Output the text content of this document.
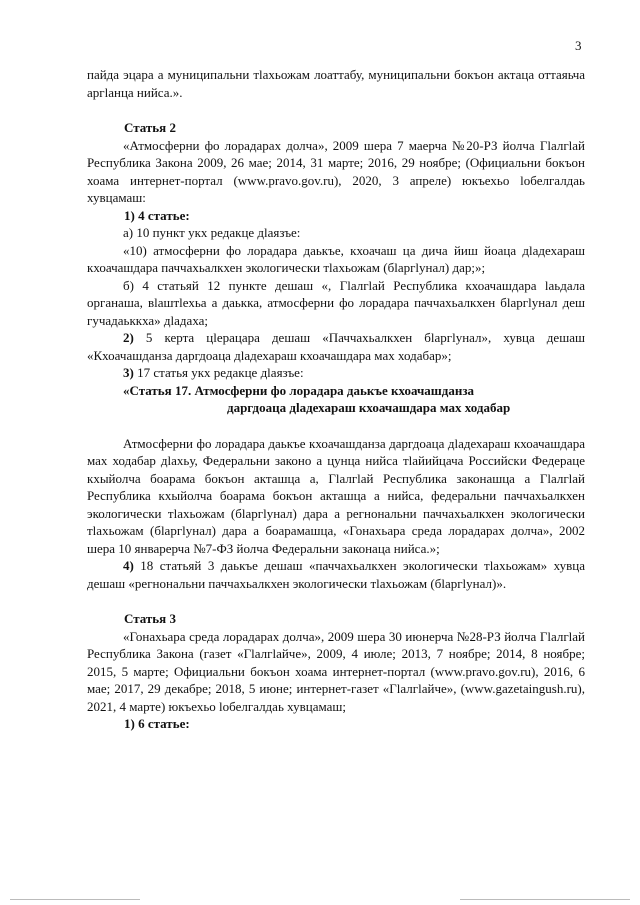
3

пайда эцара а муниципальни тlахьожам лоаттабу, муниципальни бокъон актаца оттаяьча аргlанца нийса.».

Статья 2

«Атмосферни фо лорадарах долча», 2009 шера 7 маерча №20-РЗ йолча Гlалгlай Республика Закона 2009, 26 мае; 2014, 31 марте; 2016, 29 ноябре; (Официальни бокъон хоама интернет-портал (www.pravo.gov.ru), 2020, 3 апреле) юкъехьо lобелгалдаь хувцамаш:

1) 4 статье:

а) 10 пункт укх редакце дlаязъе:

«10) атмосферни фо лорадара даькъе, кхоачаш ца дича йиш йоаца дlадехараш кхоачашдара паччахьалкхен экологически тlахьожам (бlаргlунал) дар;»;

б) 4 статьяй 12 пункте дешаш «, Гlалгlай Республика кхоачашдара lаьдала органаша, вlаштlехьа а даькка, атмосферни фо лорадара паччахьалкхен бlаргlунал деш гучадаьккха» дlадаха;

2) 5 керта цlерацара дешаш «Паччахьалкхен бlаргlунал», хувца дешаш «Кхоачашданза даргдоаца дlадехараш кхоачашдара мах ходабар»;

3) 17 статья укх редакце дlаязъе:

«Статья 17. Атмосферни фо лорадара даькъе кхоачашданза

даргдоаца дlадехараш кхоачашдара мах ходабар

Атмосферни фо лорадара даькъе кхоачашданза даргдоаца дlадехараш кхоачашдара мах ходабар дlахьу, Федеральни законо а цунца нийса тlайийцача Российски Федераце кхыйолча боарама бокъон акташца а, Гlалгlай Республика законашца а Гlалгlай Республика кхыйолча боарама бокъон акташца а нийса, федеральни паччахьалкхен экологически тlахьожам (бlаргlунал) дара а регнональни паччахьалкхен экологически тlахьожам (бlаргlунал) дара а боарамашца, «Гонахьара среда лорадарах долча», 2002 шера 10 январерча №7-ФЗ йолча Федеральни законаца нийса.»;

4) 18 статьяй 3 даькъе дешаш «паччахьалкхен экологически тlахьожам» хувца дешаш «регнональни паччахьалкхен экологически тlахьожам (бlаргlунал)».

Статья 3

«Гонахьара среда лорадарах долча», 2009 шера 30 июнерча №28-РЗ йолча Гlалгlай Республика Закона (газет «Гlалгlайче», 2009, 4 июле; 2013, 7 ноябре; 2014, 8 ноябре; 2015, 5 марте; Официальни бокъон хоама интернет-портал (www.pravo.gov.ru), 2016, 6 мае; 2017, 29 декабре; 2018, 5 июне; интернет-газет «Гlалгlайче», (www.gazetaingush.ru), 2021, 4 марте) юкъехьо lобелгалдаь хувцамаш;

1) 6 статье:
